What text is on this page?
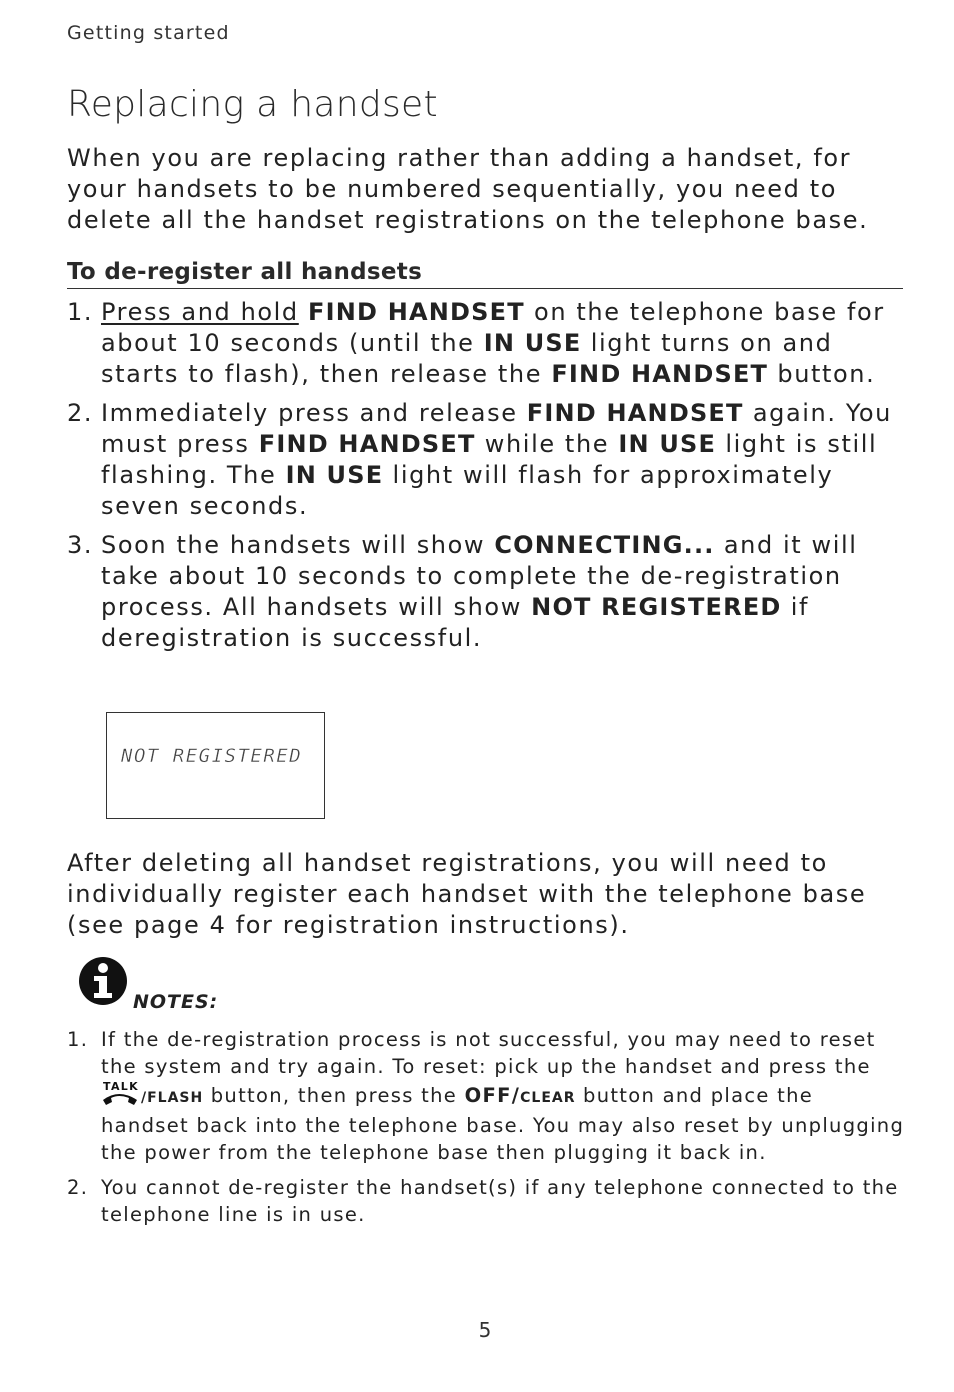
Getting started
Replacing a handset

When you are replacing rather than adding a handset, for your handsets to be numbered sequentially, you need to delete all the handset registrations on the telephone base.

To de-register all handsets
1. Press and hold FIND HANDSET on the telephone base for about 10 seconds (until the IN USE light turns on and starts to flash), then release the FIND HANDSET button.
2. Immediately press and release FIND HANDSET again. You must press FIND HANDSET while the IN USE light is still flashing. The IN USE light will flash for approximately seven seconds.
3. Soon the handsets will show CONNECTING... and it will take about 10 seconds to complete the de-registration process. All handsets will show NOT REGISTERED if deregistration is successful.
NOT REGISTERED

After deleting all handset registrations, you will need to individually register each handset with the telephone base (see page 4 for registration instructions).

NOTES:
1. If the de-registration process is not successful, you may need to reset the system and try again. To reset: pick up the handset and press the
TALK
/FLASH button, then press the OFF/CLEAR button and place the handset back into the telephone base. You may also reset by unplugging the power from the telephone base then plugging it back in.
2. You cannot de-register the handset(s) if any telephone connected to the telephone line is in use.
5
